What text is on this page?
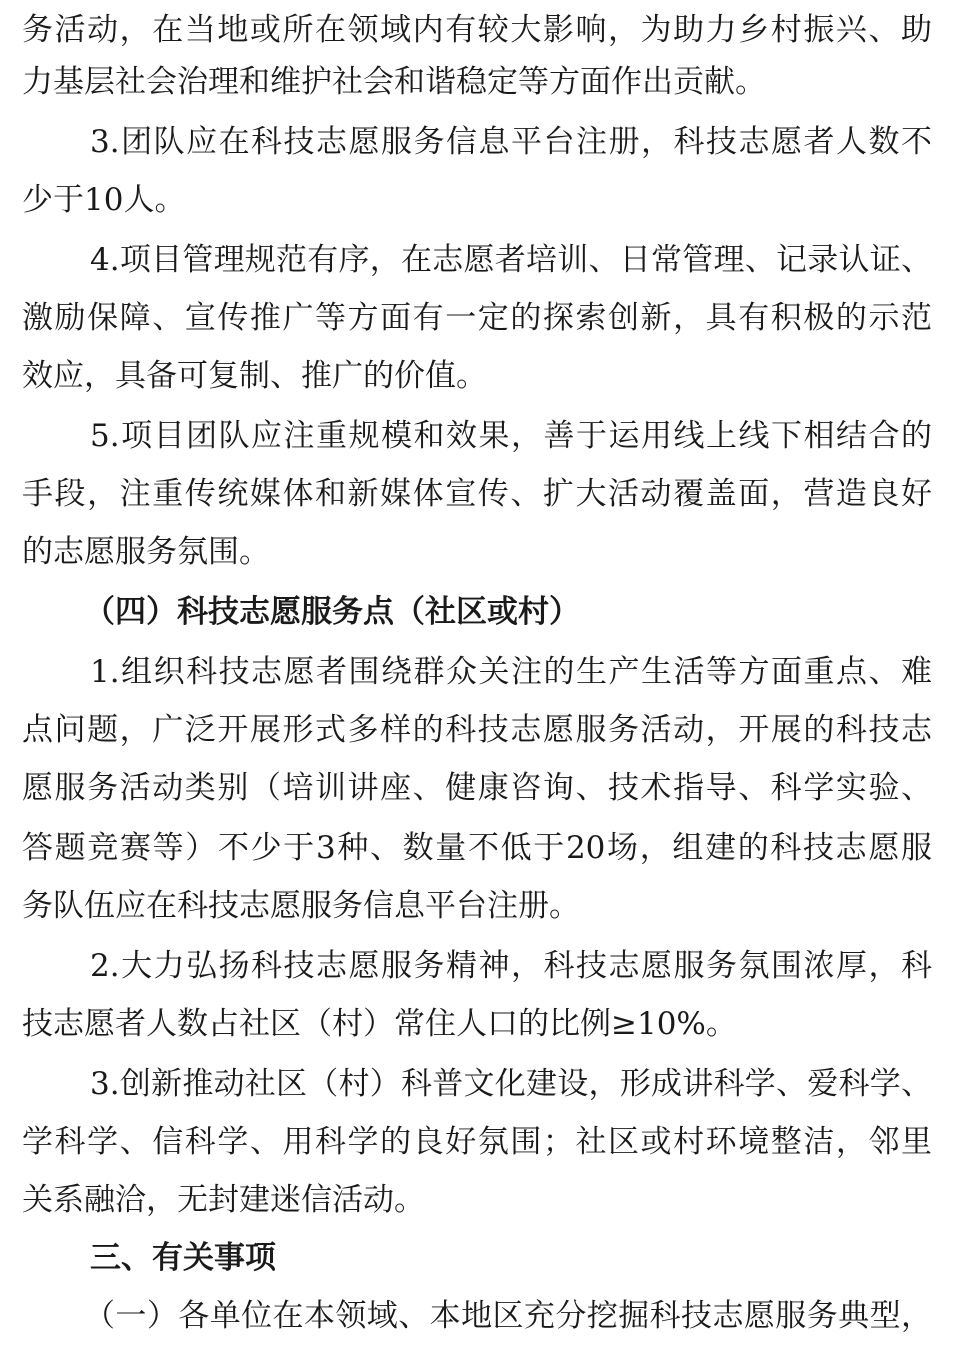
务活动，在当地或所在领域内有较大影响，为助力乡村振兴、助
力基层社会治理和维护社会和谐稳定等方面作出贡献。
3.团队应在科技志愿服务信息平台注册，科技志愿者人数不
少于10人。
4.项目管理规范有序，在志愿者培训、日常管理、记录认证、
激励保障、宣传推广等方面有一定的探索创新，具有积极的示范
效应，具备可复制、推广的价值。
5.项目团队应注重规模和效果，善于运用线上线下相结合的
手段，注重传统媒体和新媒体宣传、扩大活动覆盖面，营造良好
的志愿服务氛围。
（四）科技志愿服务点（社区或村）
1.组织科技志愿者围绕群众关注的生产生活等方面重点、难
点问题，广泛开展形式多样的科技志愿服务活动，开展的科技志
愿服务活动类别（培训讲座、健康咨询、技术指导、科学实验、
答题竞赛等）不少于3种、数量不低于20场，组建的科技志愿服
务队伍应在科技志愿服务信息平台注册。
2.大力弘扬科技志愿服务精神，科技志愿服务氛围浓厚，科
技志愿者人数占社区（村）常住人口的比例≥10%。
3.创新推动社区（村）科普文化建设，形成讲科学、爱科学、
学科学、信科学、用科学的良好氛围；社区或村环境整洁，邻里
关系融洽，无封建迷信活动。
三、有关事项
（一）各单位在本领域、本地区充分挖掘科技志愿服务典型，
